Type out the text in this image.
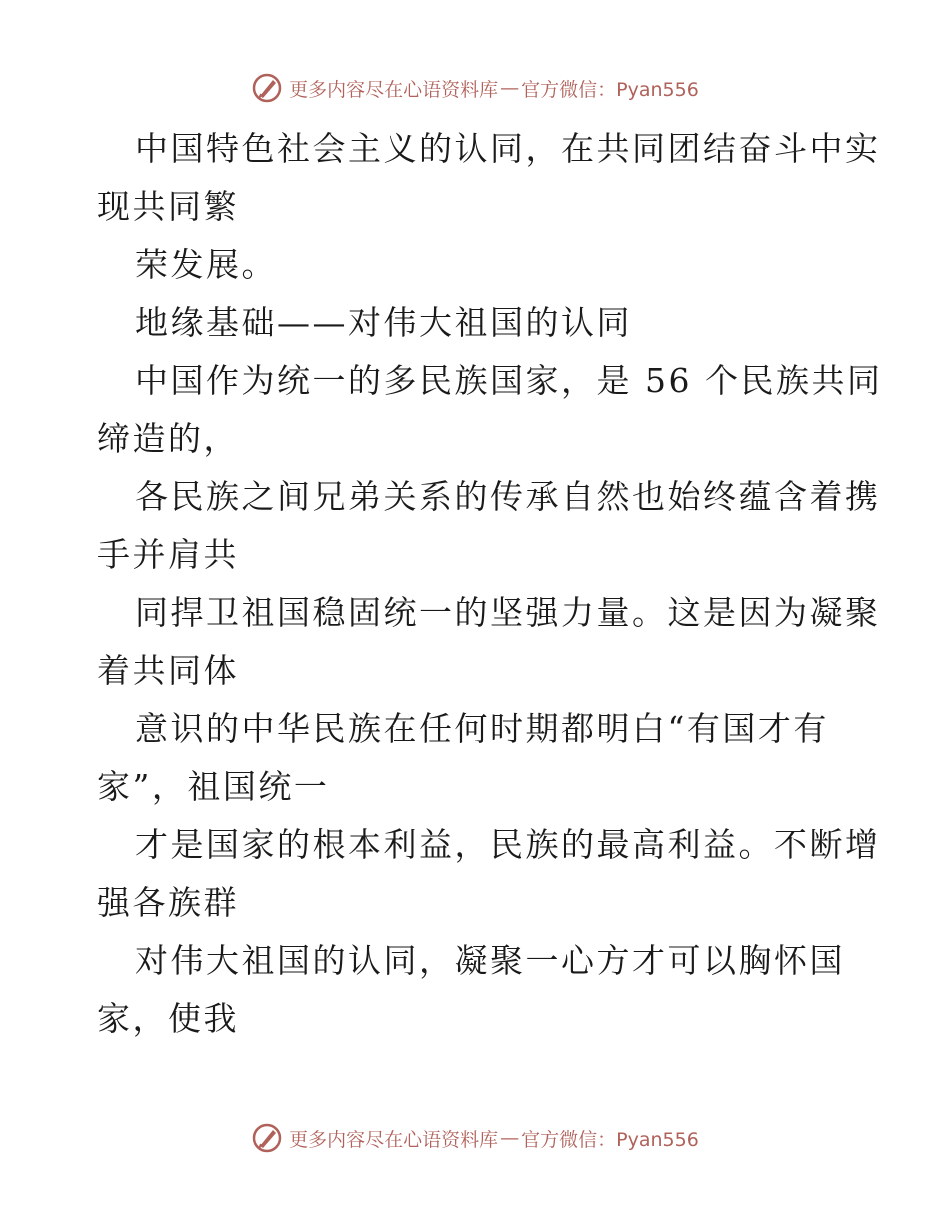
更多内容尽在心语资料库 — 官方微信：Pyan556
中国特色社会主义的认同，在共同团结奋斗中实
现共同繁
荣发展。
地缘基础——对伟大祖国的认同
中国作为统一的多民族国家，是 56 个民族共同
缔造的，
各民族之间兄弟关系的传承自然也始终蕴含着携
手并肩共
同捍卫祖国稳固统一的坚强力量。这是因为凝聚
着共同体
意识的中华民族在任何时期都明白“有国才有
家”，祖国统一
才是国家的根本利益，民族的最高利益。不断增
强各族群
对伟大祖国的认同，凝聚一心方才可以胸怀国
家，使我
更多内容尽在心语资料库 — 官方微信：Pyan556
